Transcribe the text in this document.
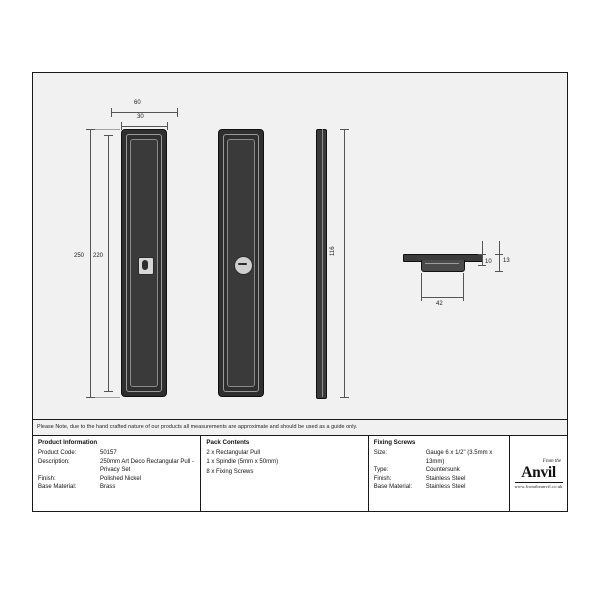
60
30
250 220	116
13
10
42
Please Note, due to the hand crafted nature of our products all measurements are approximate and should be used as a guide only.
Product Information
Product Code:	50157
Description:	250mm Art Deco Rectangular Pull -
Privacy Set
Finish:	Polished Nickel
Base Material:	Brass
Pack Contents
2 x Rectangular Pull
1 x Spindle (5mm x 50mm)
8 x Fixing Screws
Fixing Screws
Size:	Gauge 6 x 1/2" (3.5mm x 13mm)
Type:	Countersunk
Finish:	Stainless Steel
Base Material:	Stainless Steel
From the
Anvil
www.fromtheanvil.co.uk
